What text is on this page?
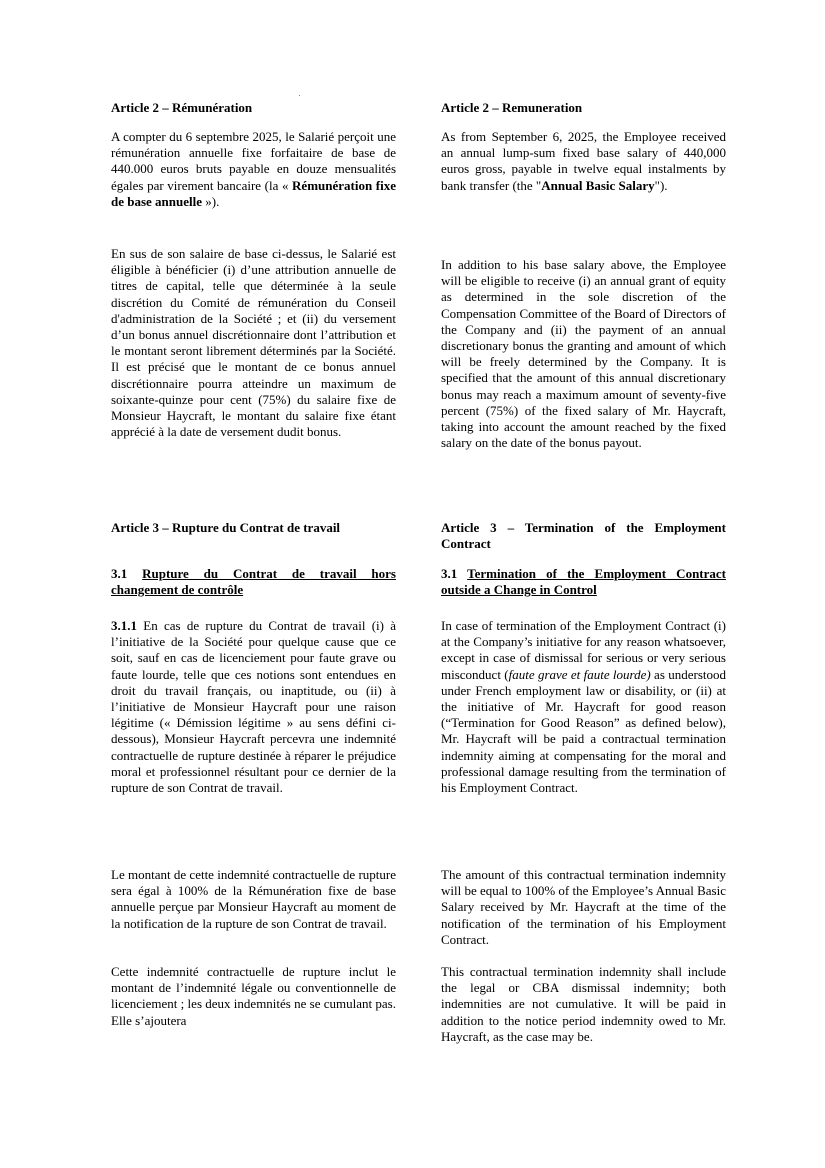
Article 2 – Rémunération

A compter du 6 septembre 2025, le Salarié perçoit une rémunération annuelle fixe forfaitaire de base de 440.000 euros bruts payable en douze mensualités égales par virement bancaire (la « Rémunération fixe de base annuelle »).

En sus de son salaire de base ci-dessus, le Salarié est éligible à bénéficier (i) d’une attribution annuelle de titres de capital, telle que déterminée à la seule discrétion du Comité de rémunération du Conseil d'administration de la Société ; et (ii) du versement d’un bonus annuel discrétionnaire dont l’attribution et le montant seront librement déterminés par la Société. Il est précisé que le montant de ce bonus annuel discrétionnaire pourra atteindre un maximum de soixante-quinze pour cent (75%) du salaire fixe de Monsieur Haycraft, le montant du salaire fixe étant apprécié à la date de versement dudit bonus.

Article 3 – Rupture du Contrat de travail
3.1 Rupture du Contrat de travail hors changement de contrôle

3.1.1 En cas de rupture du Contrat de travail (i) à l’initiative de la Société pour quelque cause que ce soit, sauf en cas de licenciement pour faute grave ou faute lourde, telle que ces notions sont entendues en droit du travail français, ou inaptitude, ou (ii) à l’initiative de Monsieur Haycraft pour une raison légitime (« Démission légitime » au sens défini ci-dessous), Monsieur Haycraft percevra une indemnité contractuelle de rupture destinée à réparer le préjudice moral et professionnel résultant pour ce dernier de la rupture de son Contrat de travail.

Le montant de cette indemnité contractuelle de rupture sera égal à 100% de la Rémunération fixe de base annuelle perçue par Monsieur Haycraft au moment de la notification de la rupture de son Contrat de travail.

Cette indemnité contractuelle de rupture inclut le montant de l’indemnité légale ou conventionnelle de licenciement ; les deux indemnités ne se cumulant pas. Elle s’ajoutera

Article 2 – Remuneration

As from September 6, 2025, the Employee received an annual lump-sum fixed base salary of 440,000 euros gross, payable in twelve equal instalments by bank transfer (the "Annual Basic Salary").

In addition to his base salary above, the Employee will be eligible to receive (i) an annual grant of equity as determined in the sole discretion of the Compensation Committee of the Board of Directors of the Company and (ii) the payment of an annual discretionary bonus the granting and amount of which will be freely determined by the Company. It is specified that the amount of this annual discretionary bonus may reach a maximum amount of seventy-five percent (75%) of the fixed salary of Mr. Haycraft, taking into account the amount reached by the fixed salary on the date of the bonus payout.

Article 3 – Termination of the Employment Contract
3.1 Termination of the Employment Contract outside a Change in Control

In case of termination of the Employment Contract (i) at the Company’s initiative for any reason whatsoever, except in case of dismissal for serious or very serious misconduct (faute grave et faute lourde) as understood under French employment law or disability, or (ii) at the initiative of Mr. Haycraft for good reason (“Termination for Good Reason” as defined below), Mr. Haycraft will be paid a contractual termination indemnity aiming at compensating for the moral and professional damage resulting from the termination of his Employment Contract.

The amount of this contractual termination indemnity will be equal to 100% of the Employee’s Annual Basic Salary received by Mr. Haycraft at the time of the notification of the termination of his Employment Contract.

This contractual termination indemnity shall include the legal or CBA dismissal indemnity; both indemnities are not cumulative. It will be paid in addition to the notice period indemnity owed to Mr. Haycraft, as the case may be.
